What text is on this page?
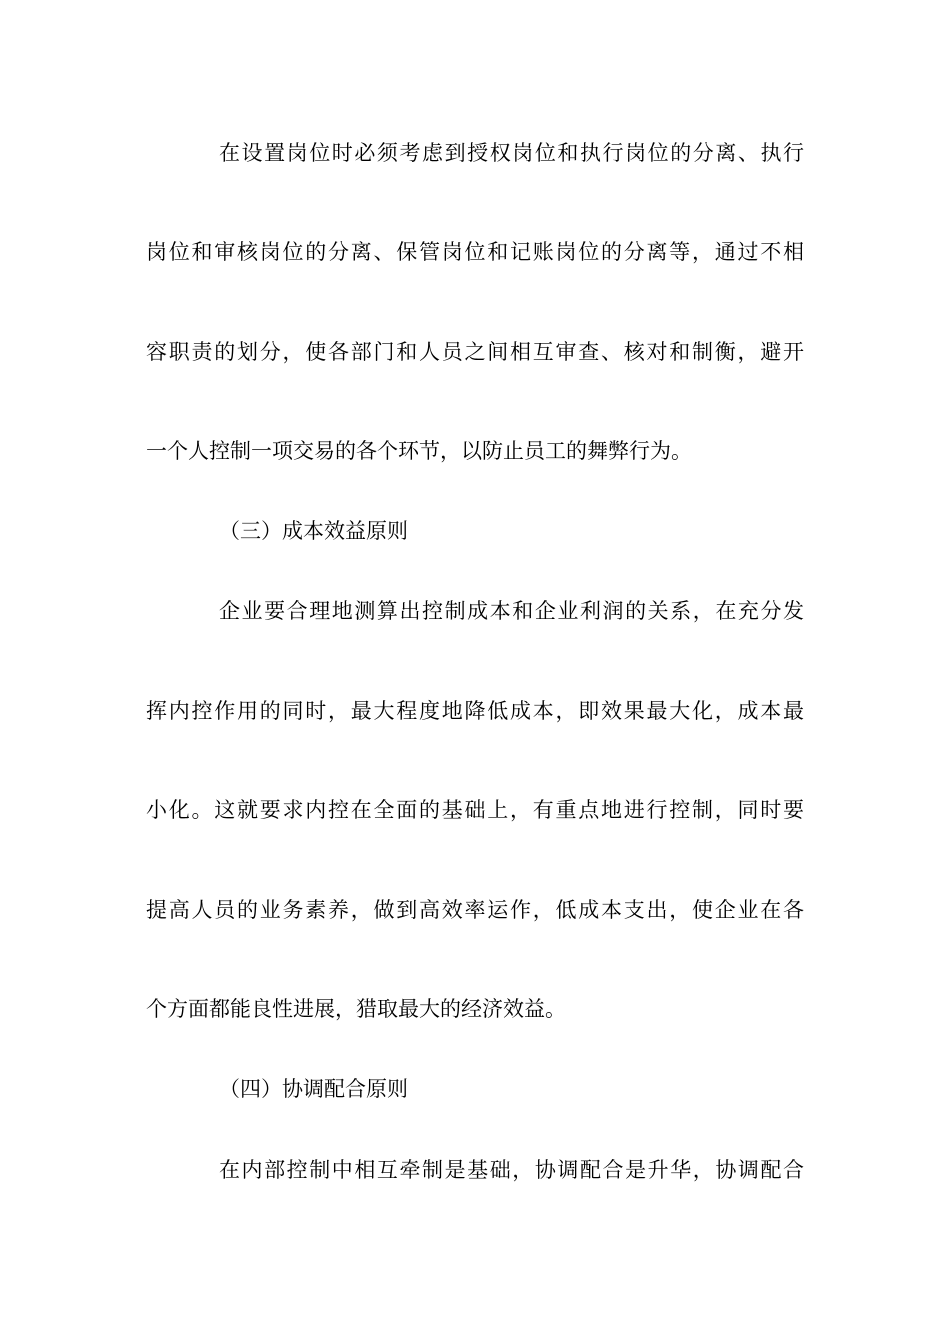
在设置岗位时必须考虑到授权岗位和执行岗位的分离、执行
岗位和审核岗位的分离、保管岗位和记账岗位的分离等，通过不相
容职责的划分，使各部门和人员之间相互审查、核对和制衡，避开
一个人控制一项交易的各个环节，以防止员工的舞弊行为。
（三）成本效益原则
企业要合理地测算出控制成本和企业利润的关系，在充分发
挥内控作用的同时，最大程度地降低成本，即效果最大化，成本最
小化。这就要求内控在全面的基础上，有重点地进行控制，同时要
提高人员的业务素养，做到高效率运作，低成本支出，使企业在各
个方面都能良性进展，猎取最大的经济效益。
（四）协调配合原则
在内部控制中相互牵制是基础，协调配合是升华，协调配合
